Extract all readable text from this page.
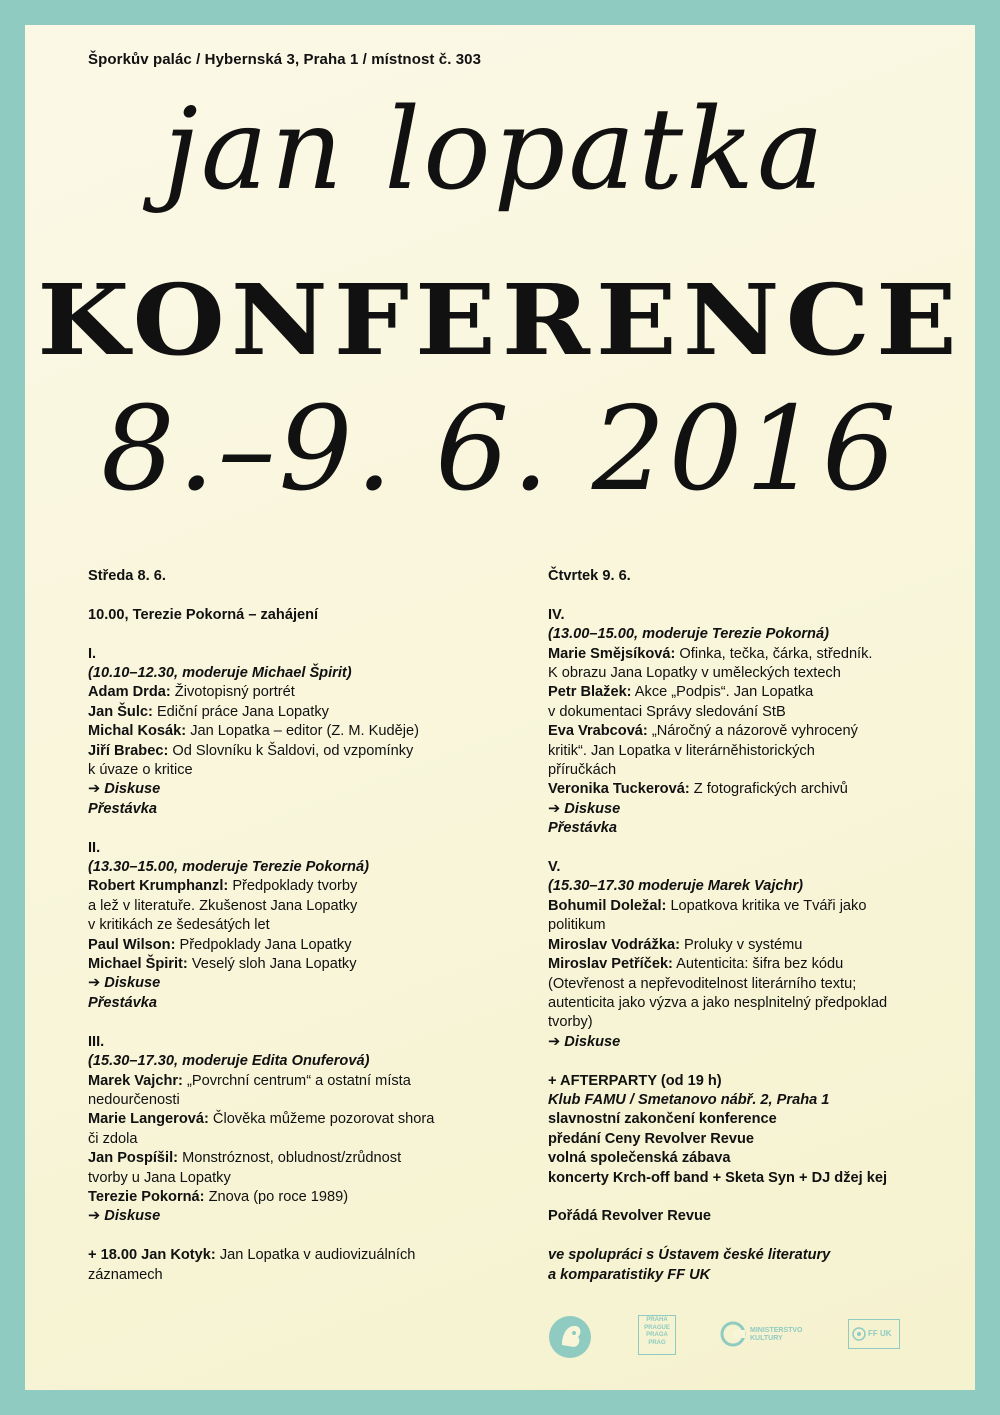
Šporkův palác / Hybernská 3, Praha 1 / místnost č. 303
jan lopatka
KONFERENCE
8.–9. 6. 2016
Středa 8. 6.
10.00, Terezie Pokorná – zahájení
I.
(10.10–12.30, moderuje Michael Špirit)
Adam Drda: Životopisný portrét
Jan Šulc: Ediční práce Jana Lopatky
Michal Kosák: Jan Lopatka – editor (Z. M. Kuděje)
Jiří Brabec: Od Slovníku k Šaldovi, od vzpomínky
k úvaze o kritice
➔ Diskuse
Přestávka
II.
(13.30–15.00, moderuje Terezie Pokorná)
Robert Krumphanzl: Předpoklady tvorby
a lež v literatuře. Zkušenost Jana Lopatky
v kritikách ze šedesátých let
Paul Wilson: Předpoklady Jana Lopatky
Michael Špirit: Veselý sloh Jana Lopatky
➔ Diskuse
Přestávka
III.
(15.30–17.30, moderuje Edita Onuferová)
Marek Vajchr: „Povrchní centrum“ a ostatní místa
nedourčenosti
Marie Langerová: Člověka můžeme pozorovat shora
či zdola
Jan Pospíšil: Monstróznost, obludnost/zrůdnost
tvorby u Jana Lopatky
Terezie Pokorná: Znova (po roce 1989)
➔ Diskuse
+ 18.00 Jan Kotyk: Jan Lopatka v audiovizuálních
záznamech
Čtvrtek 9. 6.
IV.
(13.00–15.00, moderuje Terezie Pokorná)
Marie Smějsíková: Ofinka, tečka, čárka, středník.
K obrazu Jana Lopatky v uměleckých textech
Petr Blažek: Akce „Podpis“. Jan Lopatka
v dokumentaci Správy sledování StB
Eva Vrabcová: „Náročný a názorově vyhrocený
kritik“. Jan Lopatka v literárněhistorických
příručkách
Veronika Tuckerová: Z fotografických archivů
➔ Diskuse
Přestávka
V.
(15.30–17.30 moderuje Marek Vajchr)
Bohumil Doležal: Lopatkova kritika ve Tváři jako
politikum
Miroslav Vodrážka: Proluky v systému
Miroslav Petříček: Autenticita: šifra bez kódu
(Otevřenost a nepřevoditelnost literárního textu;
autenticita jako výzva a jako nesplnitelný předpoklad
tvorby)
➔ Diskuse
+ AFTERPARTY (od 19 h)
Klub FAMU / Smetanovo nábř. 2, Praha 1
slavnostní zakončení konference
předání Ceny Revolver Revue
volná společenská zábava
koncerty Krch-off band + Sketa Syn + DJ džej kej
Pořádá Revolver Revue
ve spolupráci s Ústavem české literatury
a komparatistiky FF UK
PRAHA
PRAGUE
PRAGA
PRAG
MINISTERSTVO
KULTURY
FF UK
